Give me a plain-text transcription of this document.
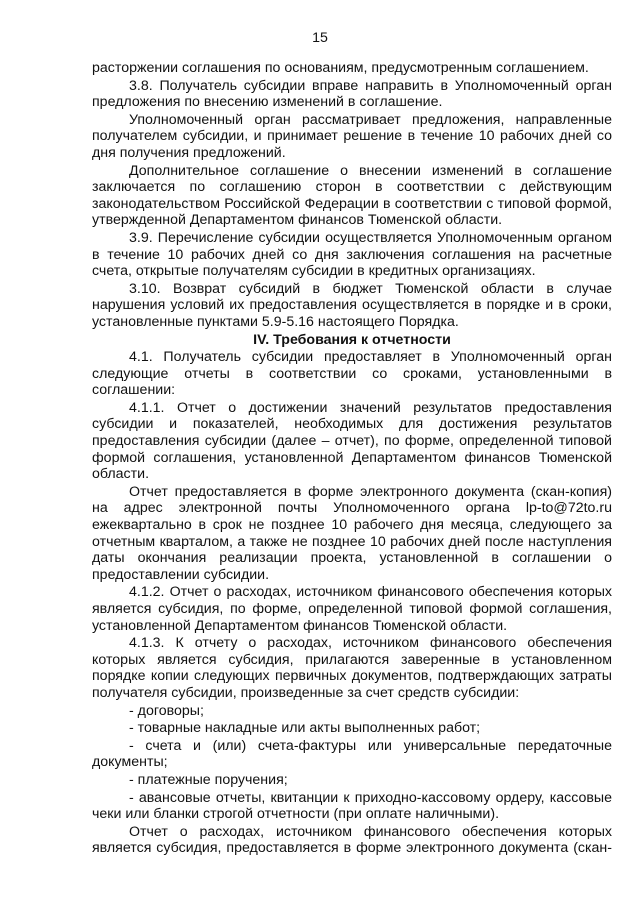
15

расторжении соглашения по основаниям, предусмотренным соглашением.

3.8. Получатель субсидии вправе направить в Уполномоченный орган предложения по внесению изменений в соглашение.

Уполномоченный орган рассматривает предложения, направленные получателем субсидии, и принимает решение в течение 10 рабочих дней со дня получения предложений.

Дополнительное соглашение о внесении изменений в соглашение заключается по соглашению сторон в соответствии с действующим законодательством Российской Федерации в соответствии с типовой формой, утвержденной Департаментом финансов Тюменской области.

3.9. Перечисление субсидии осуществляется Уполномоченным органом в течение 10 рабочих дней со дня заключения соглашения на расчетные счета, открытые получателям субсидии в кредитных организациях.

3.10. Возврат субсидий в бюджет Тюменской области в случае нарушения условий их предоставления осуществляется в порядке и в сроки, установленные пунктами 5.9-5.16 настоящего Порядка.

IV. Требования к отчетности

4.1. Получатель субсидии предоставляет в Уполномоченный орган следующие отчеты в соответствии со сроками, установленными в соглашении:

4.1.1. Отчет о достижении значений результатов предоставления субсидии и показателей, необходимых для достижения результатов предоставления субсидии (далее – отчет), по форме, определенной типовой формой соглашения, установленной Департаментом финансов Тюменской области.

Отчет предоставляется в форме электронного документа (скан-копия) на адрес электронной почты Уполномоченного органа lp-to@72to.ru ежеквартально в срок не позднее 10 рабочего дня месяца, следующего за отчетным кварталом, а также не позднее 10 рабочих дней после наступления даты окончания реализации проекта, установленной в соглашении о предоставлении субсидии.

4.1.2. Отчет о расходах, источником финансового обеспечения которых является субсидия, по форме, определенной типовой формой соглашения, установленной Департаментом финансов Тюменской области.

4.1.3. К отчету о расходах, источником финансового обеспечения которых является субсидия, прилагаются заверенные в установленном порядке копии следующих первичных документов, подтверждающих затраты получателя субсидии, произведенные за счет средств субсидии:

- договоры;

- товарные накладные или акты выполненных работ;

- счета и (или) счета-фактуры или универсальные передаточные документы;

- платежные поручения;

- авансовые отчеты, квитанции к приходно-кассовому ордеру, кассовые чеки или бланки строгой отчетности (при оплате наличными).

Отчет о расходах, источником финансового обеспечения которых является субсидия, предоставляется в форме электронного документа (скан-
